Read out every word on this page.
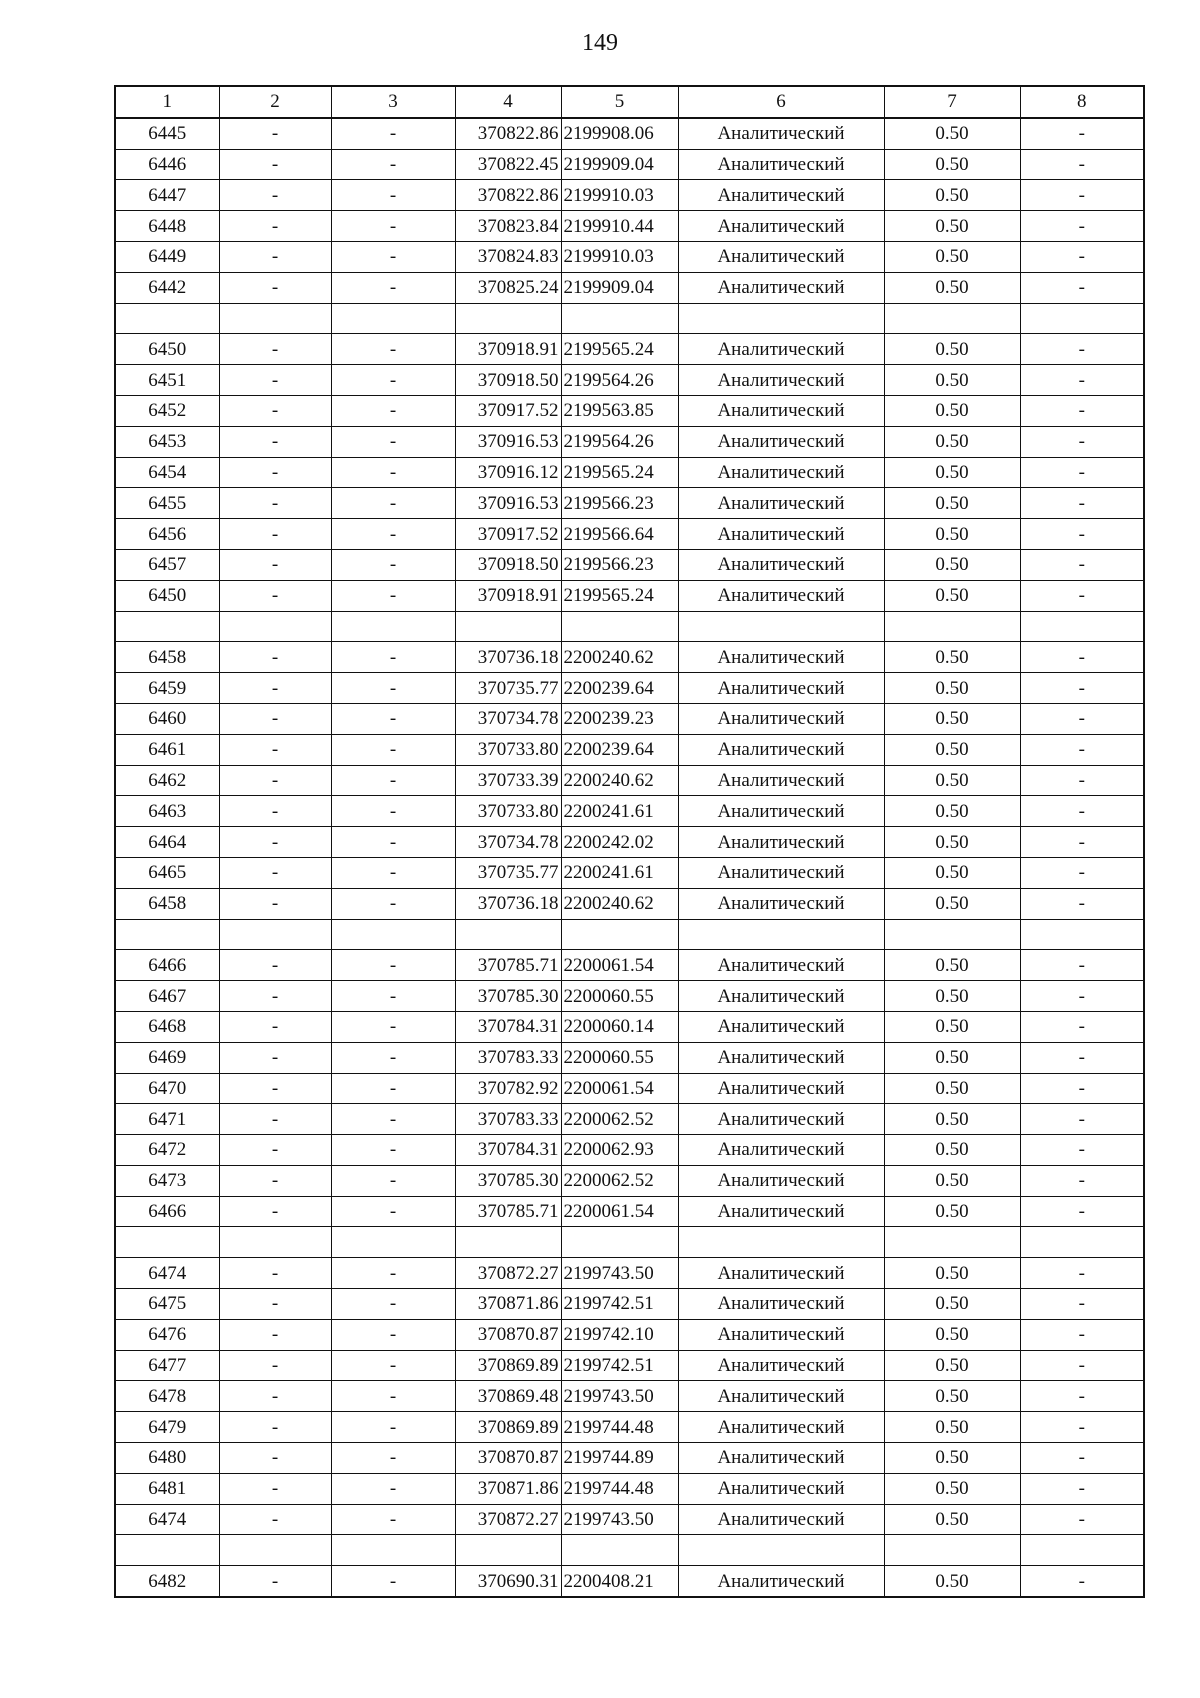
149
1	2	3	4	5	6	7	8
6445	-	-	370822.86	2199908.06	Аналитический	0.50	-
6446	-	-	370822.45	2199909.04	Аналитический	0.50	-
6447	-	-	370822.86	2199910.03	Аналитический	0.50	-
6448	-	-	370823.84	2199910.44	Аналитический	0.50	-
6449	-	-	370824.83	2199910.03	Аналитический	0.50	-
6442	-	-	370825.24	2199909.04	Аналитический	0.50	-

6450	-	-	370918.91	2199565.24	Аналитический	0.50	-
6451	-	-	370918.50	2199564.26	Аналитический	0.50	-
6452	-	-	370917.52	2199563.85	Аналитический	0.50	-
6453	-	-	370916.53	2199564.26	Аналитический	0.50	-
6454	-	-	370916.12	2199565.24	Аналитический	0.50	-
6455	-	-	370916.53	2199566.23	Аналитический	0.50	-
6456	-	-	370917.52	2199566.64	Аналитический	0.50	-
6457	-	-	370918.50	2199566.23	Аналитический	0.50	-
6450	-	-	370918.91	2199565.24	Аналитический	0.50	-

6458	-	-	370736.18	2200240.62	Аналитический	0.50	-
6459	-	-	370735.77	2200239.64	Аналитический	0.50	-
6460	-	-	370734.78	2200239.23	Аналитический	0.50	-
6461	-	-	370733.80	2200239.64	Аналитический	0.50	-
6462	-	-	370733.39	2200240.62	Аналитический	0.50	-
6463	-	-	370733.80	2200241.61	Аналитический	0.50	-
6464	-	-	370734.78	2200242.02	Аналитический	0.50	-
6465	-	-	370735.77	2200241.61	Аналитический	0.50	-
6458	-	-	370736.18	2200240.62	Аналитический	0.50	-

6466	-	-	370785.71	2200061.54	Аналитический	0.50	-
6467	-	-	370785.30	2200060.55	Аналитический	0.50	-
6468	-	-	370784.31	2200060.14	Аналитический	0.50	-
6469	-	-	370783.33	2200060.55	Аналитический	0.50	-
6470	-	-	370782.92	2200061.54	Аналитический	0.50	-
6471	-	-	370783.33	2200062.52	Аналитический	0.50	-
6472	-	-	370784.31	2200062.93	Аналитический	0.50	-
6473	-	-	370785.30	2200062.52	Аналитический	0.50	-
6466	-	-	370785.71	2200061.54	Аналитический	0.50	-

6474	-	-	370872.27	2199743.50	Аналитический	0.50	-
6475	-	-	370871.86	2199742.51	Аналитический	0.50	-
6476	-	-	370870.87	2199742.10	Аналитический	0.50	-
6477	-	-	370869.89	2199742.51	Аналитический	0.50	-
6478	-	-	370869.48	2199743.50	Аналитический	0.50	-
6479	-	-	370869.89	2199744.48	Аналитический	0.50	-
6480	-	-	370870.87	2199744.89	Аналитический	0.50	-
6481	-	-	370871.86	2199744.48	Аналитический	0.50	-
6474	-	-	370872.27	2199743.50	Аналитический	0.50	-

6482	-	-	370690.31	2200408.21	Аналитический	0.50	-
